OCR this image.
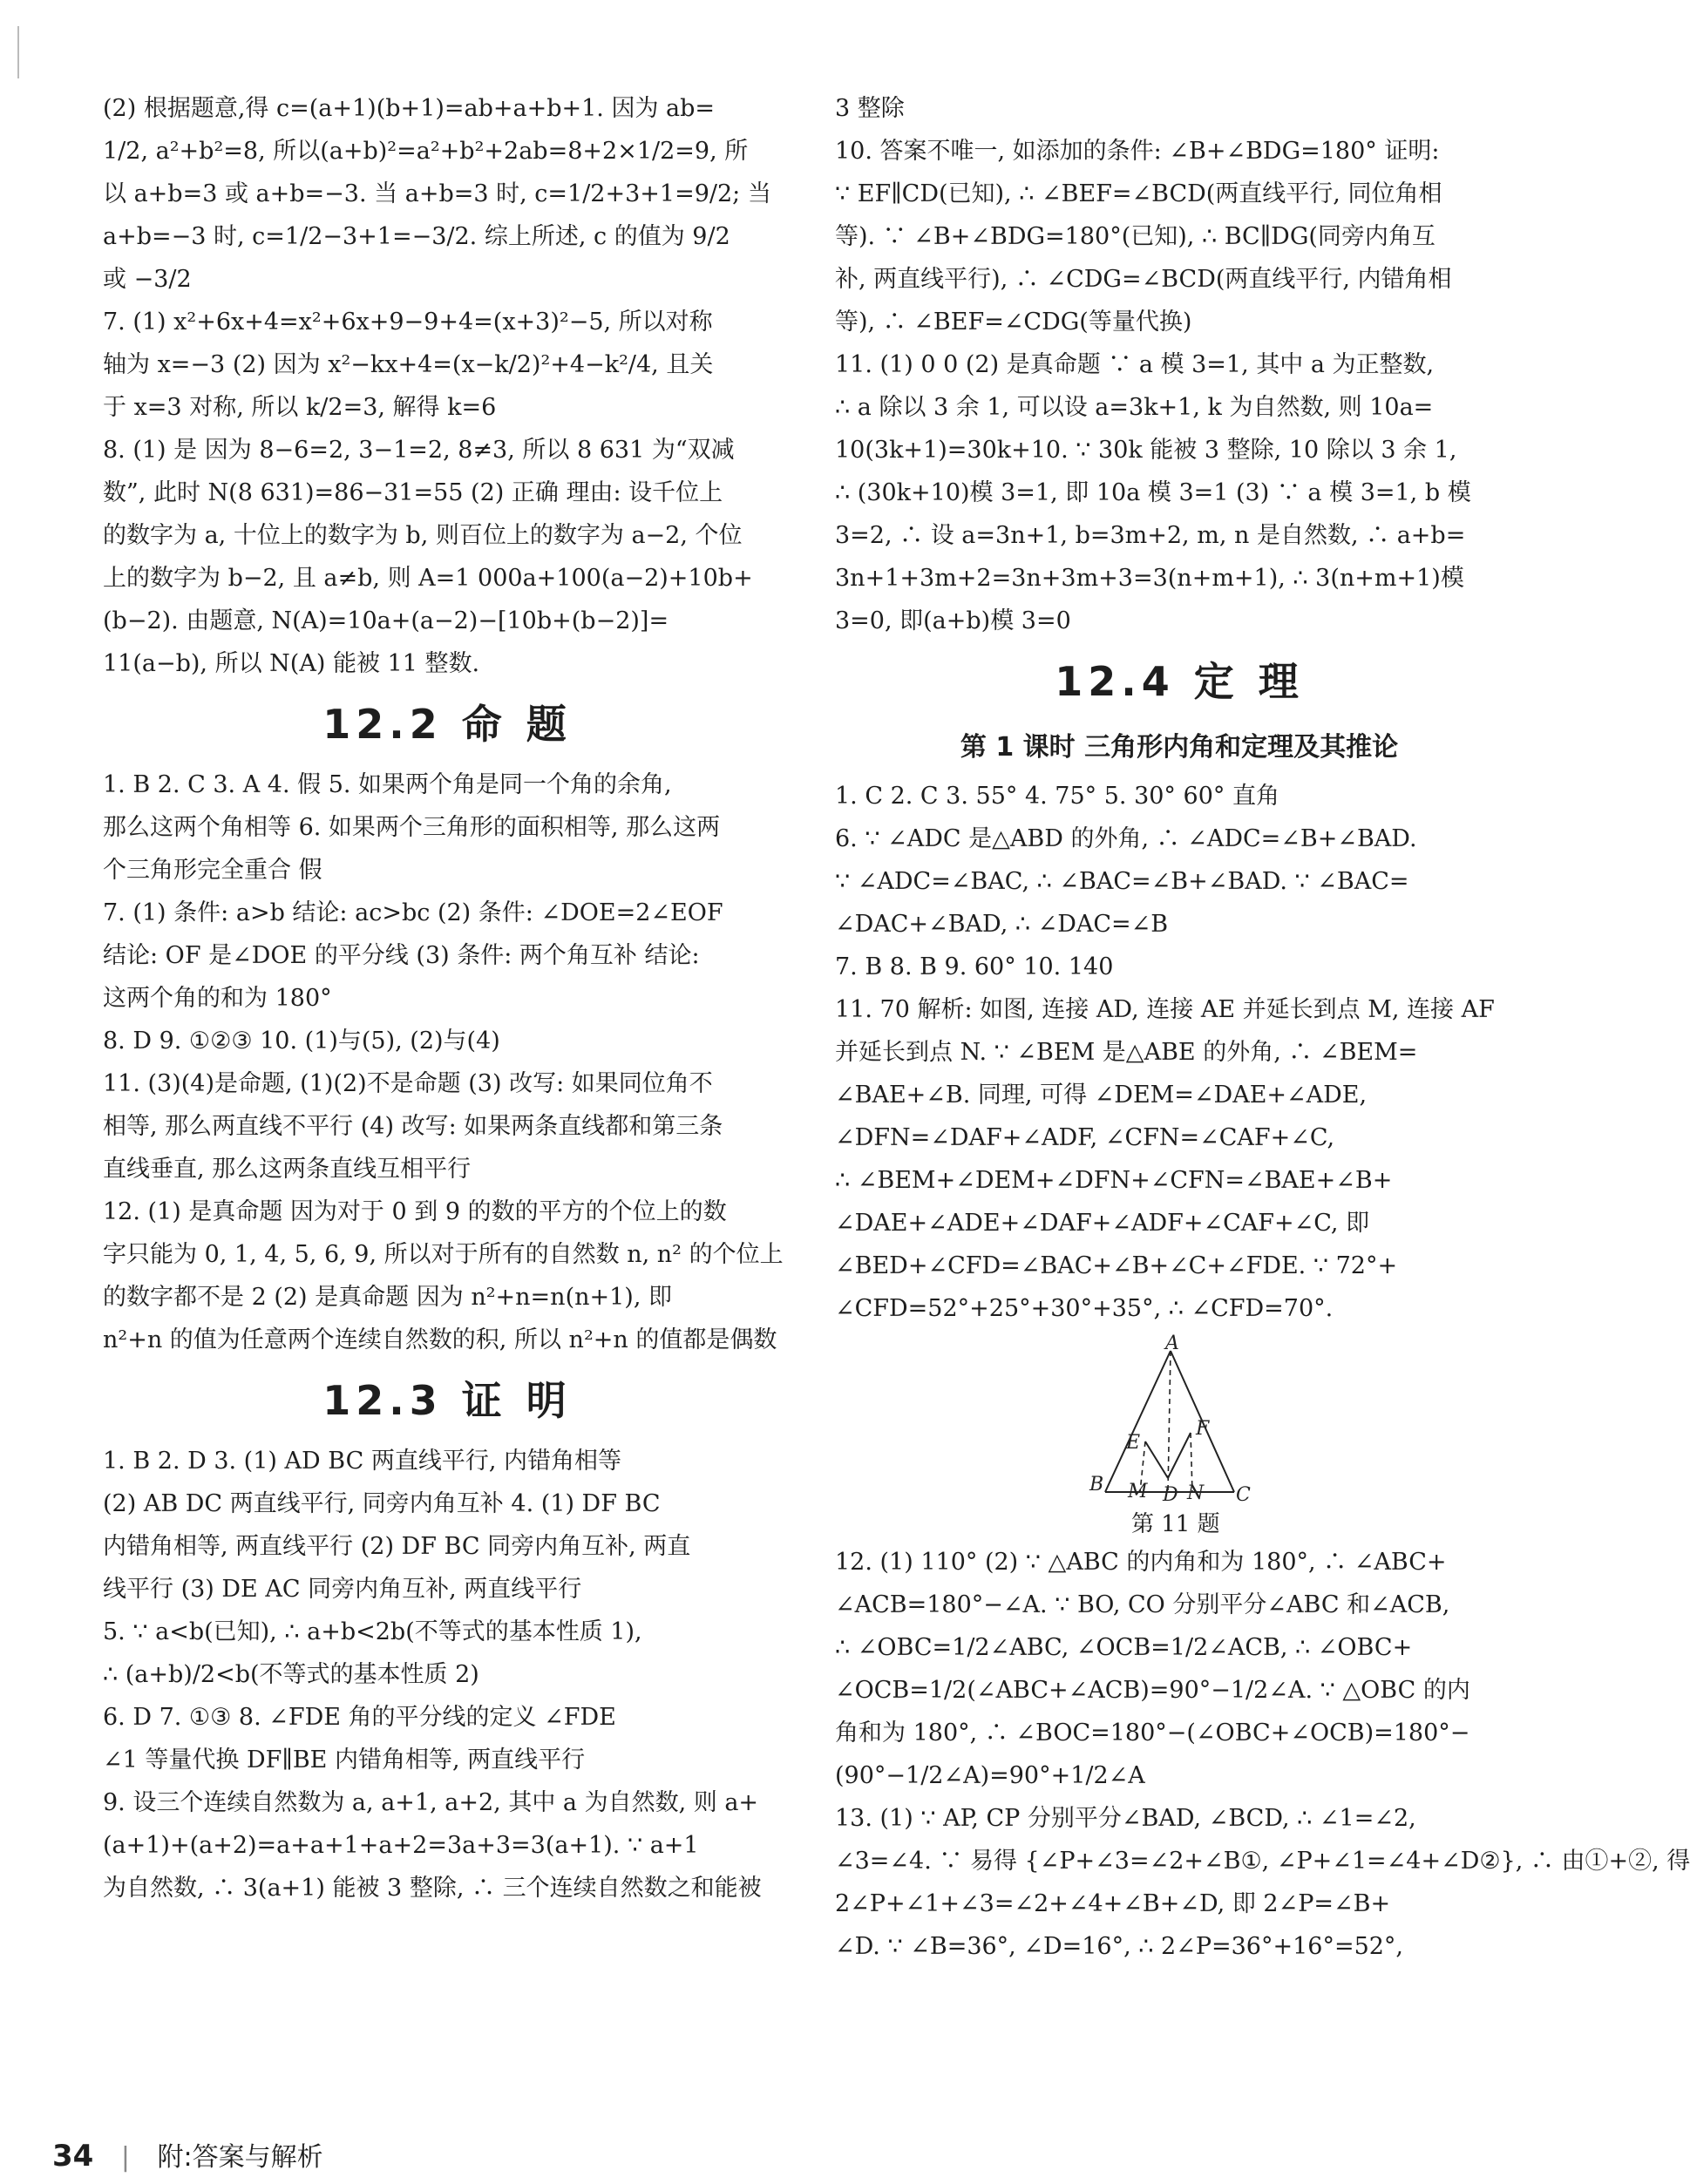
(2) 根据题意,得 c=(a+1)(b+1)=ab+a+b+1. 因为 ab=
1/2, a²+b²=8, 所以(a+b)²=a²+b²+2ab=8+2×1/2=9, 所
以 a+b=3 或 a+b=−3. 当 a+b=3 时, c=1/2+3+1=9/2; 当
a+b=−3 时, c=1/2−3+1=−3/2. 综上所述, c 的值为 9/2
或 −3/2
7. (1) x²+6x+4=x²+6x+9−9+4=(x+3)²−5, 所以对称
轴为 x=−3 (2) 因为 x²−kx+4=(x−k/2)²+4−k²/4, 且关
于 x=3 对称, 所以 k/2=3, 解得 k=6
8. (1) 是 因为 8−6=2, 3−1=2, 8≠3, 所以 8 631 为“双减
数”, 此时 N(8 631)=86−31=55 (2) 正确 理由: 设千位上
的数字为 a, 十位上的数字为 b, 则百位上的数字为 a−2, 个位
上的数字为 b−2, 且 a≠b, 则 A=1 000a+100(a−2)+10b+
(b−2). 由题意, N(A)=10a+(a−2)−[10b+(b−2)]=
11(a−b), 所以 N(A) 能被 11 整数.
12.2 命 题
1. B 2. C 3. A 4. 假 5. 如果两个角是同一个角的余角,
那么这两个角相等 6. 如果两个三角形的面积相等, 那么这两
个三角形完全重合 假
7. (1) 条件: a>b 结论: ac>bc (2) 条件: ∠DOE=2∠EOF
结论: OF 是∠DOE 的平分线 (3) 条件: 两个角互补 结论:
这两个角的和为 180°
8. D 9. ①②③ 10. (1)与(5), (2)与(4)
11. (3)(4)是命题, (1)(2)不是命题 (3) 改写: 如果同位角不
相等, 那么两直线不平行 (4) 改写: 如果两条直线都和第三条
直线垂直, 那么这两条直线互相平行
12. (1) 是真命题 因为对于 0 到 9 的数的平方的个位上的数
字只能为 0, 1, 4, 5, 6, 9, 所以对于所有的自然数 n, n² 的个位上
的数字都不是 2 (2) 是真命题 因为 n²+n=n(n+1), 即
n²+n 的值为任意两个连续自然数的积, 所以 n²+n 的值都是偶数
12.3 证 明
1. B 2. D 3. (1) AD BC 两直线平行, 内错角相等
(2) AB DC 两直线平行, 同旁内角互补 4. (1) DF BC
内错角相等, 两直线平行 (2) DF BC 同旁内角互补, 两直
线平行 (3) DE AC 同旁内角互补, 两直线平行
5. ∵ a<b(已知), ∴ a+b<2b(不等式的基本性质 1),
∴ (a+b)/2<b(不等式的基本性质 2)
6. D 7. ①③ 8. ∠FDE 角的平分线的定义 ∠FDE
∠1 等量代换 DF∥BE 内错角相等, 两直线平行
9. 设三个连续自然数为 a, a+1, a+2, 其中 a 为自然数, 则 a+
(a+1)+(a+2)=a+a+1+a+2=3a+3=3(a+1). ∵ a+1
为自然数, ∴ 3(a+1) 能被 3 整除, ∴ 三个连续自然数之和能被
3 整除
10. 答案不唯一, 如添加的条件: ∠B+∠BDG=180° 证明:
∵ EF∥CD(已知), ∴ ∠BEF=∠BCD(两直线平行, 同位角相
等). ∵ ∠B+∠BDG=180°(已知), ∴ BC∥DG(同旁内角互
补, 两直线平行), ∴ ∠CDG=∠BCD(两直线平行, 内错角相
等), ∴ ∠BEF=∠CDG(等量代换)
11. (1) 0 0 (2) 是真命题 ∵ a 模 3=1, 其中 a 为正整数,
∴ a 除以 3 余 1, 可以设 a=3k+1, k 为自然数, 则 10a=
10(3k+1)=30k+10. ∵ 30k 能被 3 整除, 10 除以 3 余 1,
∴ (30k+10)模 3=1, 即 10a 模 3=1 (3) ∵ a 模 3=1, b 模
3=2, ∴ 设 a=3n+1, b=3m+2, m, n 是自然数, ∴ a+b=
3n+1+3m+2=3n+3m+3=3(n+m+1), ∴ 3(n+m+1)模
3=0, 即(a+b)模 3=0
12.4 定 理
第 1 课时 三角形内角和定理及其推论
1. C 2. C 3. 55° 4. 75° 5. 30° 60° 直角
6. ∵ ∠ADC 是△ABD 的外角, ∴ ∠ADC=∠B+∠BAD.
∵ ∠ADC=∠BAC, ∴ ∠BAC=∠B+∠BAD. ∵ ∠BAC=
∠DAC+∠BAD, ∴ ∠DAC=∠B
7. B 8. B 9. 60° 10. 140
11. 70 解析: 如图, 连接 AD, 连接 AE 并延长到点 M, 连接 AF
并延长到点 N. ∵ ∠BEM 是△ABE 的外角, ∴ ∠BEM=
∠BAE+∠B. 同理, 可得 ∠DEM=∠DAE+∠ADE,
∠DFN=∠DAF+∠ADF, ∠CFN=∠CAF+∠C,
∴ ∠BEM+∠DEM+∠DFN+∠CFN=∠BAE+∠B+
∠DAE+∠ADE+∠DAF+∠ADF+∠CAF+∠C, 即
∠BED+∠CFD=∠BAC+∠B+∠C+∠FDE. ∵ 72°+
∠CFD=52°+25°+30°+35°, ∴ ∠CFD=70°.
A
E
F
B M D N C
第 11 题
12. (1) 110° (2) ∵ △ABC 的内角和为 180°, ∴ ∠ABC+
∠ACB=180°−∠A. ∵ BO, CO 分别平分∠ABC 和∠ACB,
∴ ∠OBC=1/2∠ABC, ∠OCB=1/2∠ACB, ∴ ∠OBC+
∠OCB=1/2(∠ABC+∠ACB)=90°−1/2∠A. ∵ △OBC 的内
角和为 180°, ∴ ∠BOC=180°−(∠OBC+∠OCB)=180°−
(90°−1/2∠A)=90°+1/2∠A
13. (1) ∵ AP, CP 分别平分∠BAD, ∠BCD, ∴ ∠1=∠2,
∠3=∠4. ∵ 易得 {∠P+∠3=∠2+∠B①, ∠P+∠1=∠4+∠D②}, ∴ 由①+②, 得
2∠P+∠1+∠3=∠2+∠4+∠B+∠D, 即 2∠P=∠B+
∠D. ∵ ∠B=36°, ∠D=16°, ∴ 2∠P=36°+16°=52°,
34 | 附:答案与解析
